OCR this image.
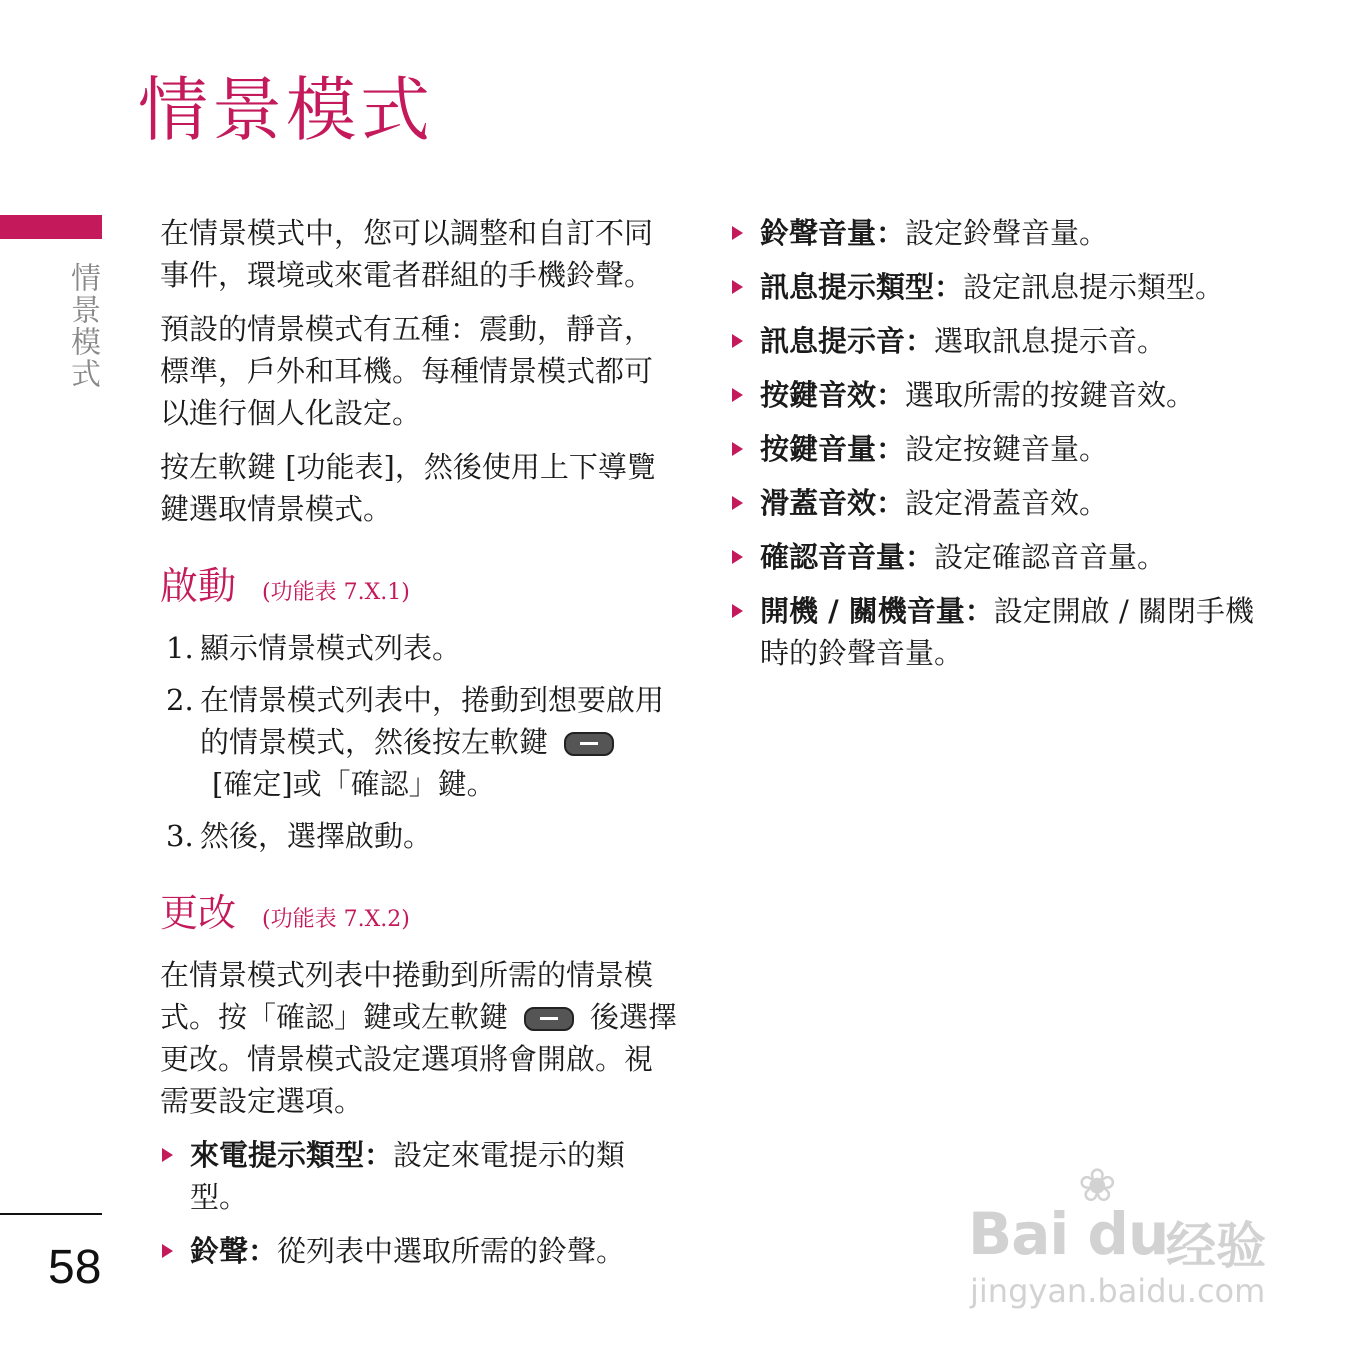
情景模式
情景模式
58

在情景模式中，您可以調整和自訂不同事件，環境或來電者群組的手機鈴聲。

預設的情景模式有五種：震動，靜音，標準，戶外和耳機。每種情景模式都可以進行個人化設定。

按左軟鍵 [功能表]，然後使用上下導覽鍵選取情景模式。

啟動 (功能表 7.X.1)
1. 顯示情景模式列表。
2. 在情景模式列表中，捲動到想要啟用的情景模式，然後按左軟鍵
[確定]或「確認」鍵。
3. 然後，選擇啟動。
更改 (功能表 7.X.2)

在情景模式列表中捲動到所需的情景模式。按「確認」鍵或左軟鍵	後選擇更改。情景模式設定選項將會開啟。視需要設定選項。

來電提示類型：設定來電提示的類型。
鈴聲：從列表中選取所需的鈴聲。
鈴聲音量：設定鈴聲音量。
訊息提示類型：設定訊息提示類型。
訊息提示音：選取訊息提示音。
按鍵音效：選取所需的按鍵音效。
按鍵音量：設定按鍵音量。
滑蓋音效：設定滑蓋音效。
確認音音量：設定確認音音量。
開機 / 關機音量：設定開啟 / 關閉手機時的鈴聲音量。
❀
Bai du
经验
jingyan.baidu.com
